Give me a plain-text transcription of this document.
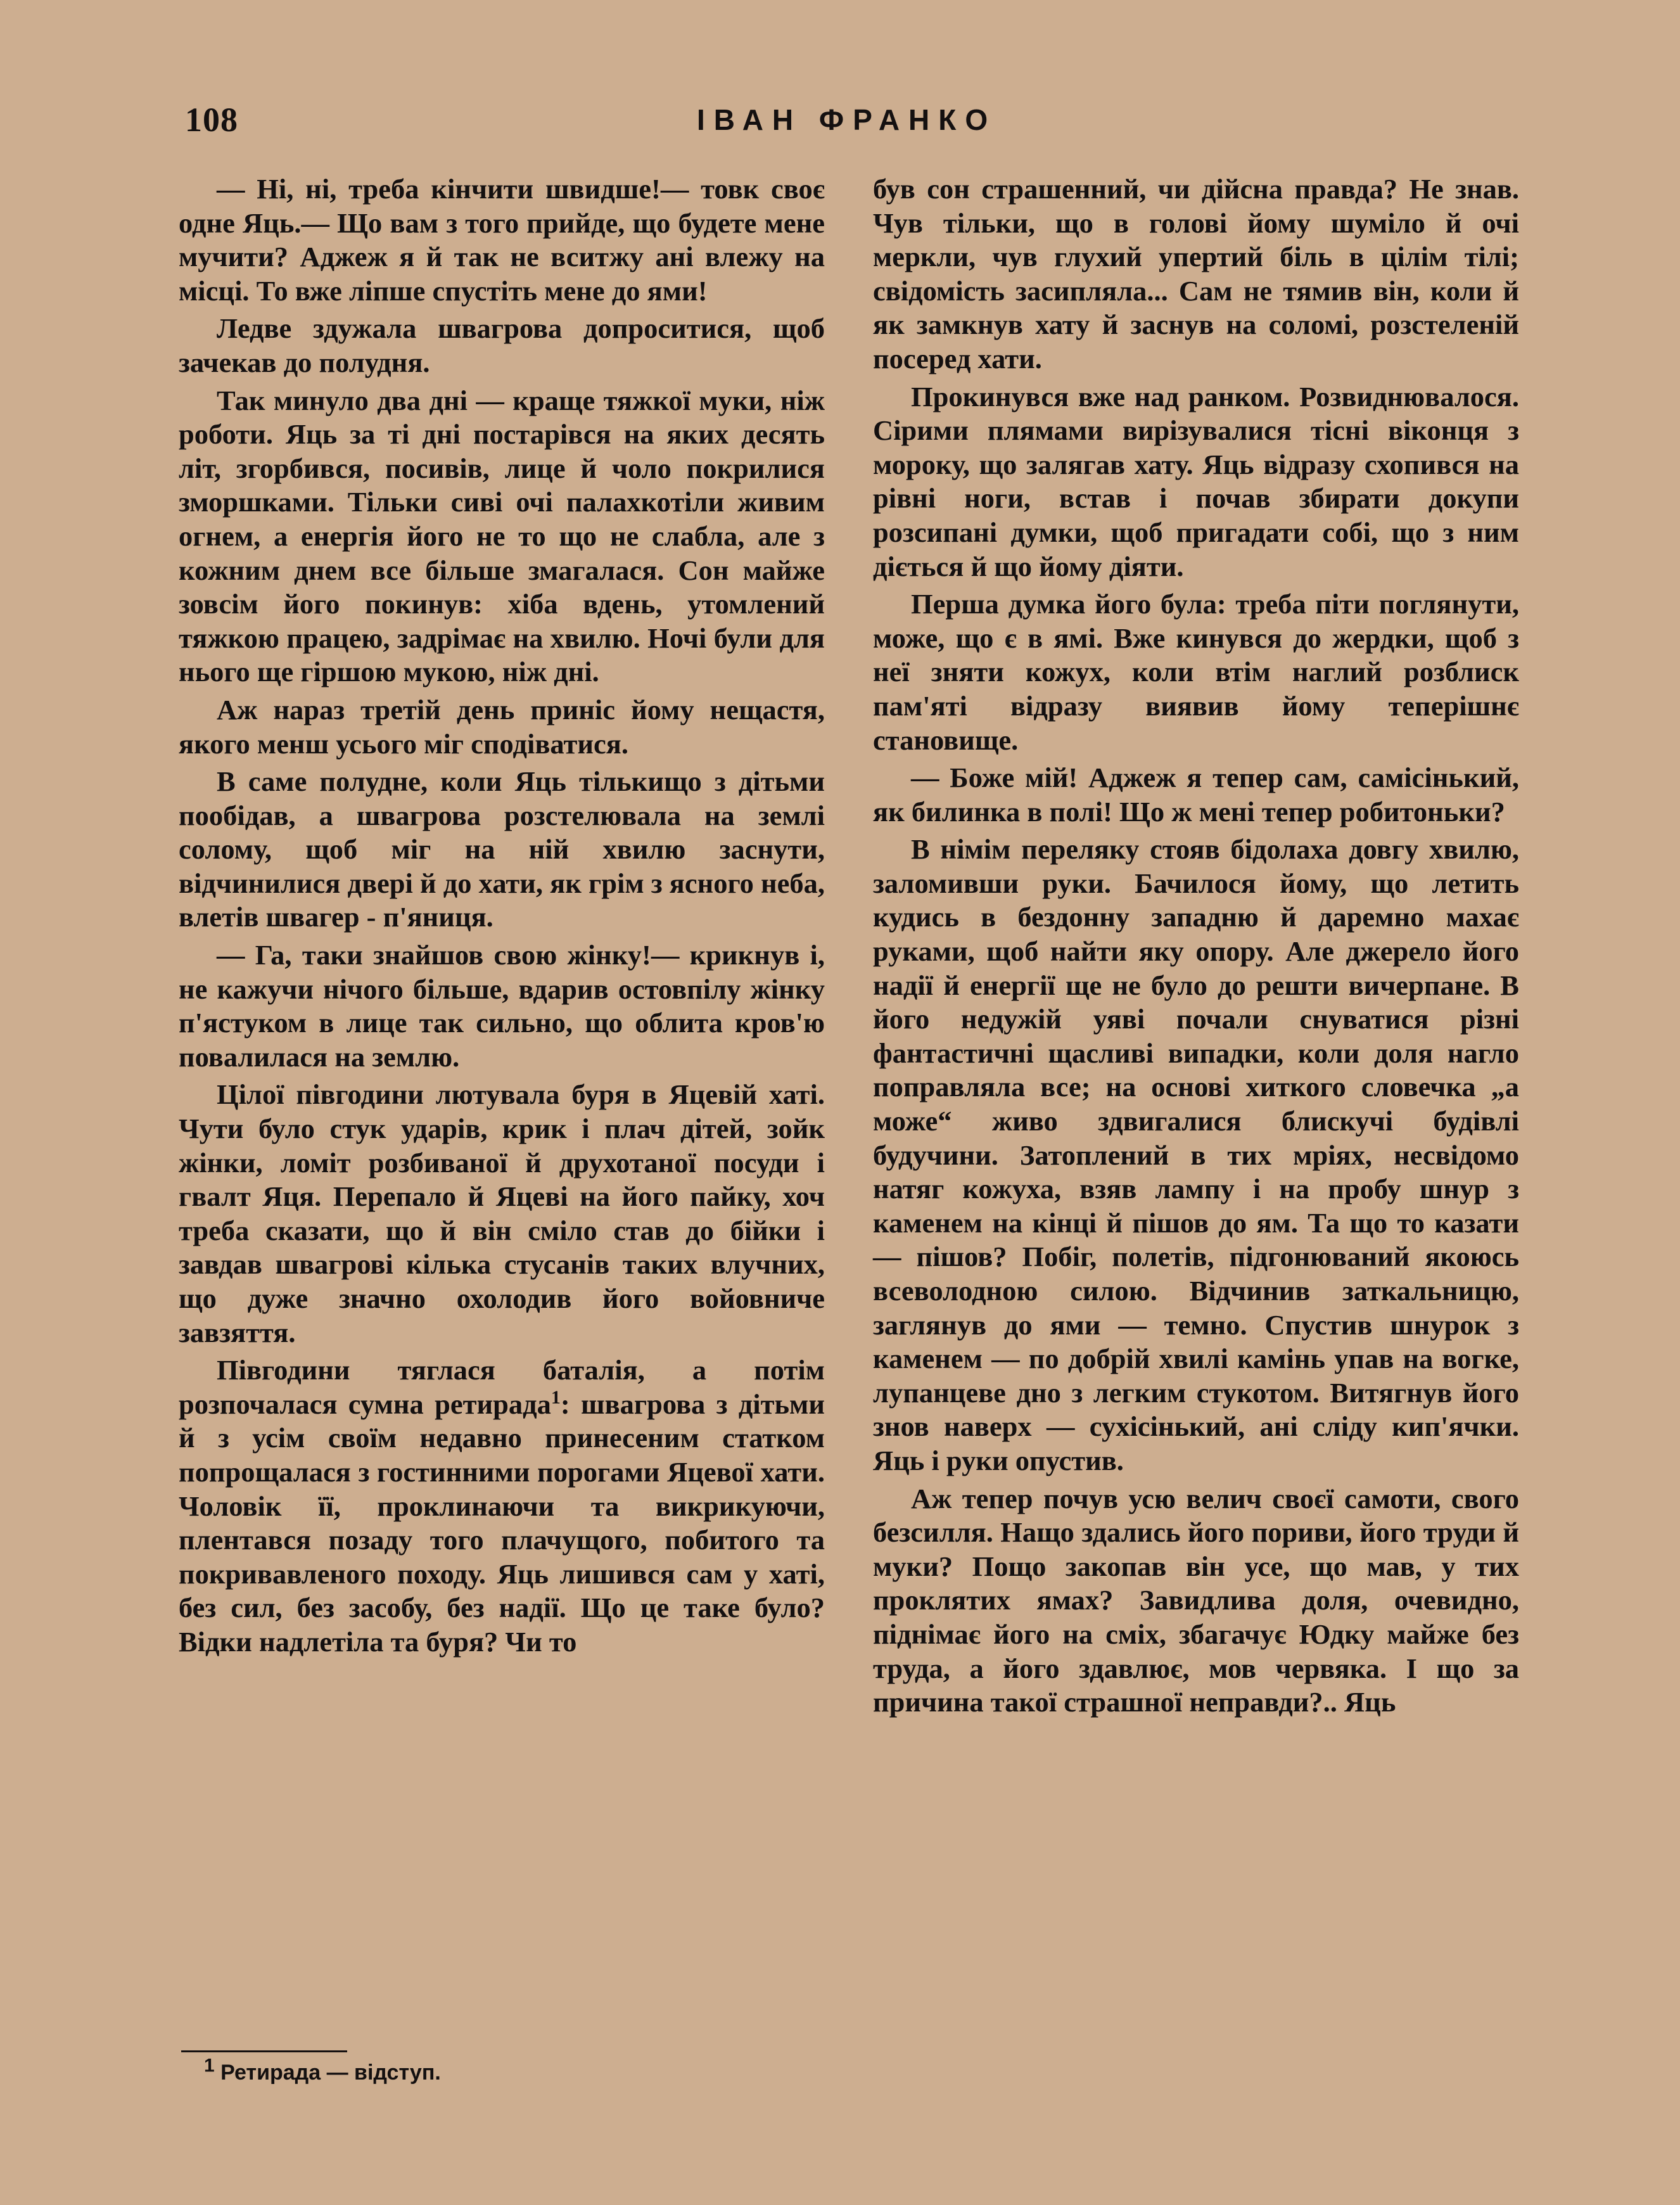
108	ІВАН ФРАНКО

— Ні, ні, треба кінчити швидше!— товк своє одне Яць.— Що вам з того прийде, що будете мене мучити? Аджеж я й так не вситжу ані влежу на місці. То вже ліпше спустіть мене до ями!

Ледве здужала швагрова допроситися, щоб зачекав до полудня.

Так минуло два дні — краще тяжкої муки, ніж роботи. Яць за ті дні постарівся на яких десять літ, згорбився, посивів, лице й чоло покрилися зморшками. Тільки сиві очі палахкотіли живим огнем, а енергія його не то що не слабла, але з кожним днем все більше змагалася. Сон майже зовсім його покинув: хіба вдень, утомлений тяжкою працею, задрімає на хвилю. Ночі були для нього ще гіршою мукою, ніж дні.

Аж нараз третій день приніс йому нещастя, якого менш усього міг сподіватися.

В саме полудне, коли Яць тількищо з дітьми пообідав, а швагрова розстелювала на землі солому, щоб міг на ній хвилю заснути, відчинилися двері й до хати, як грім з ясного неба, влетів швагер - п'яниця.

— Га, таки знайшов свою жінку!— крикнув і, не кажучи нічого більше, вдарив остовпілу жінку п'ястуком в лице так сильно, що облита кров'ю повалилася на землю.

Цілої півгодини лютувала буря в Яцевій хаті. Чути було стук ударів, крик і плач дітей, зойк жінки, ломіт розбиваної й друхотаної посуди і гвалт Яця. Перепало й Яцеві на його пайку, хоч треба сказати, що й він сміло став до бійки і завдав швагрові кілька стусанів таких влучних, що дуже значно охолодив його войовниче завзяття.

Півгодини тяглася баталія, а потім розпочалася сумна ретирада$^1$: швагрова з дітьми й з усім своїм недавно принесеним статком попрощалася з гостинними порогами Яцевої хати. Чоловік її, проклинаючи та викрикуючи, плентався позаду того плачущого, побитого та покривавленого походу. Яць лишився сам у хаті, без сил, без засобу, без надії. Що це таке було? Відки надлетіла та буря? Чи то

був сон страшенний, чи дійсна правда? Не знав. Чув тільки, що в голові йому шуміло й очі меркли, чув глухий упертий біль в цілім тілі; свідомість засипляла... Сам не тямив він, коли й як замкнув хату й заснув на соломі, розстеленій посеред хати.

Прокинувся вже над ранком. Розвиднювалося. Сірими плямами вирізувалися тісні віконця з мороку, що залягав хату. Яць відразу схопився на рівні ноги, встав і почав збирати докупи розсипані думки, щоб пригадати собі, що з ним діється й що йому діяти.

Перша думка його була: треба піти поглянути, може, що є в ямі. Вже кинувся до жердки, щоб з неї зняти кожух, коли втім наглий розблиск пам'яті відразу виявив йому теперішнє становище.

— Боже мій! Аджеж я тепер сам, самісінький, як билинка в полі! Що ж мені тепер робитоньки?

В німім переляку стояв бідолаха довгу хвилю, заломивши руки. Бачилося йому, що летить кудись в бездонну западню й даремно махає руками, щоб найти яку опору. Але джерело його надії й енергії ще не було до решти вичерпане. В його недужій уяві почали снуватися різні фантастичні щасливі випадки, коли доля нагло поправляла все; на основі хиткого словечка „а може“ живо здвигалися блискучі будівлі будучини. Затоплений в тих мріях, несвідомо натяг кожуха, взяв лампу і на пробу шнур з каменем на кінці й пішов до ям. Та що то казати — пішов? Побіг, полетів, підгонюваний якоюсь всеволодною силою. Відчинив заткальницю, заглянув до ями — темно. Спустив шнурок з каменем — по добрій хвилі камінь упав на вогке, лупанцеве дно з легким стукотом. Витягнув його знов наверх — сухісінький, ані сліду кип'ячки. Яць і руки опустив.

Аж тепер почув усю велич своєї самоти, свого безсилля. Нащо здались його пориви, його труди й муки? Пощо закопав він усе, що мав, у тих проклятих ямах? Завидлива доля, очевидно, піднімає його на сміх, збагачує Юдку майже без труда, а його здавлює, мов червяка. І що за причина такої страшної неправди?.. Яць

1 Ретирада — відступ.
